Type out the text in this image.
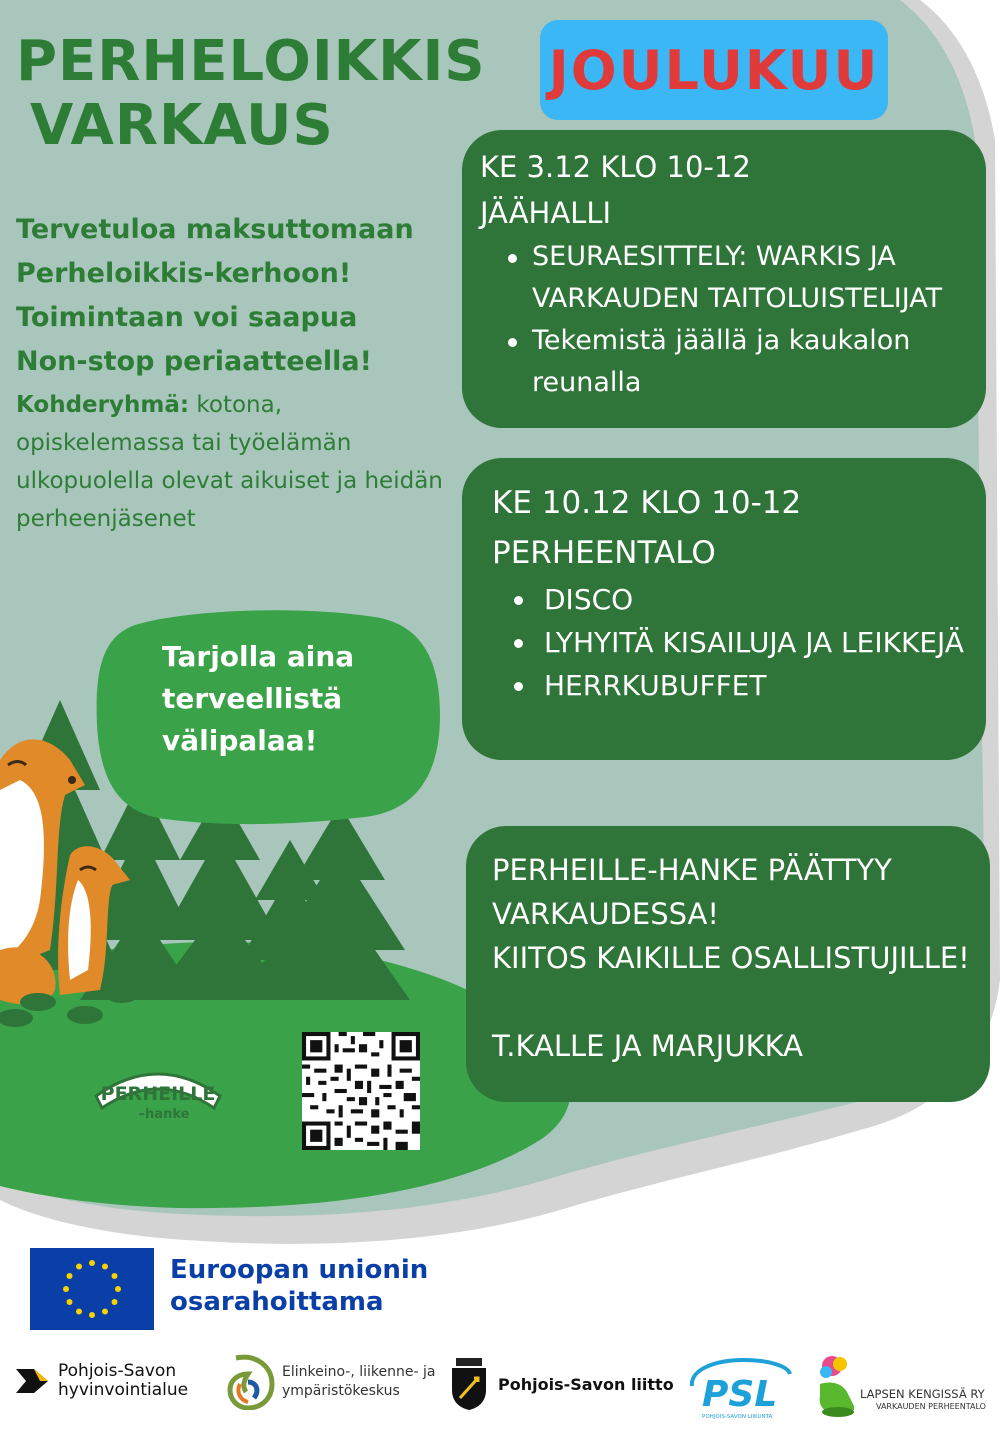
PERHELOIKKIS
VARKAUS
JOULUKUU

Tervetuloa maksuttomaan

Perheloikkis-kerhoon!

Toimintaan voi saapua

Non-stop periaatteella!

Kohderyhmä: kotona, opiskelemassa tai työelämän ulkopuolella olevat aikuiset ja heidän perheenjäsenet

KE 3.12 KLO 10-12

JÄÄHALLI

SEURAESITTELY: WARKIS JA VARKAUDEN TAITOLUISTELIJAT
Tekemistä jäällä ja kaukalon reunalla

KE 10.12 KLO 10-12

PERHEENTALO

DISCO
LYHYITÄ KISAILUJA JA LEIKKEJÄ
HERRKUBUFFET

PERHEILLE-HANKE PÄÄTTYY

VARKAUDESSA!

KIITOS KAIKILLE OSALLISTUJILLE!

T.KALLE JA MARJUKKA

Tarjolla aina
terveellistä
välipalaa!
PERHEILLE
–hanke

Euroopan unionin
osarahoittama

Pohjois-Savon
hyvinvointialue
Elinkeino-, liikenne- ja
ympäristökeskus	Pohjois-Savon liitto PSL
POHJOIS-SAVON LIIKUNTA
LAPSEN KENGISSÄ RY
VARKAUDEN PERHEENTALO
